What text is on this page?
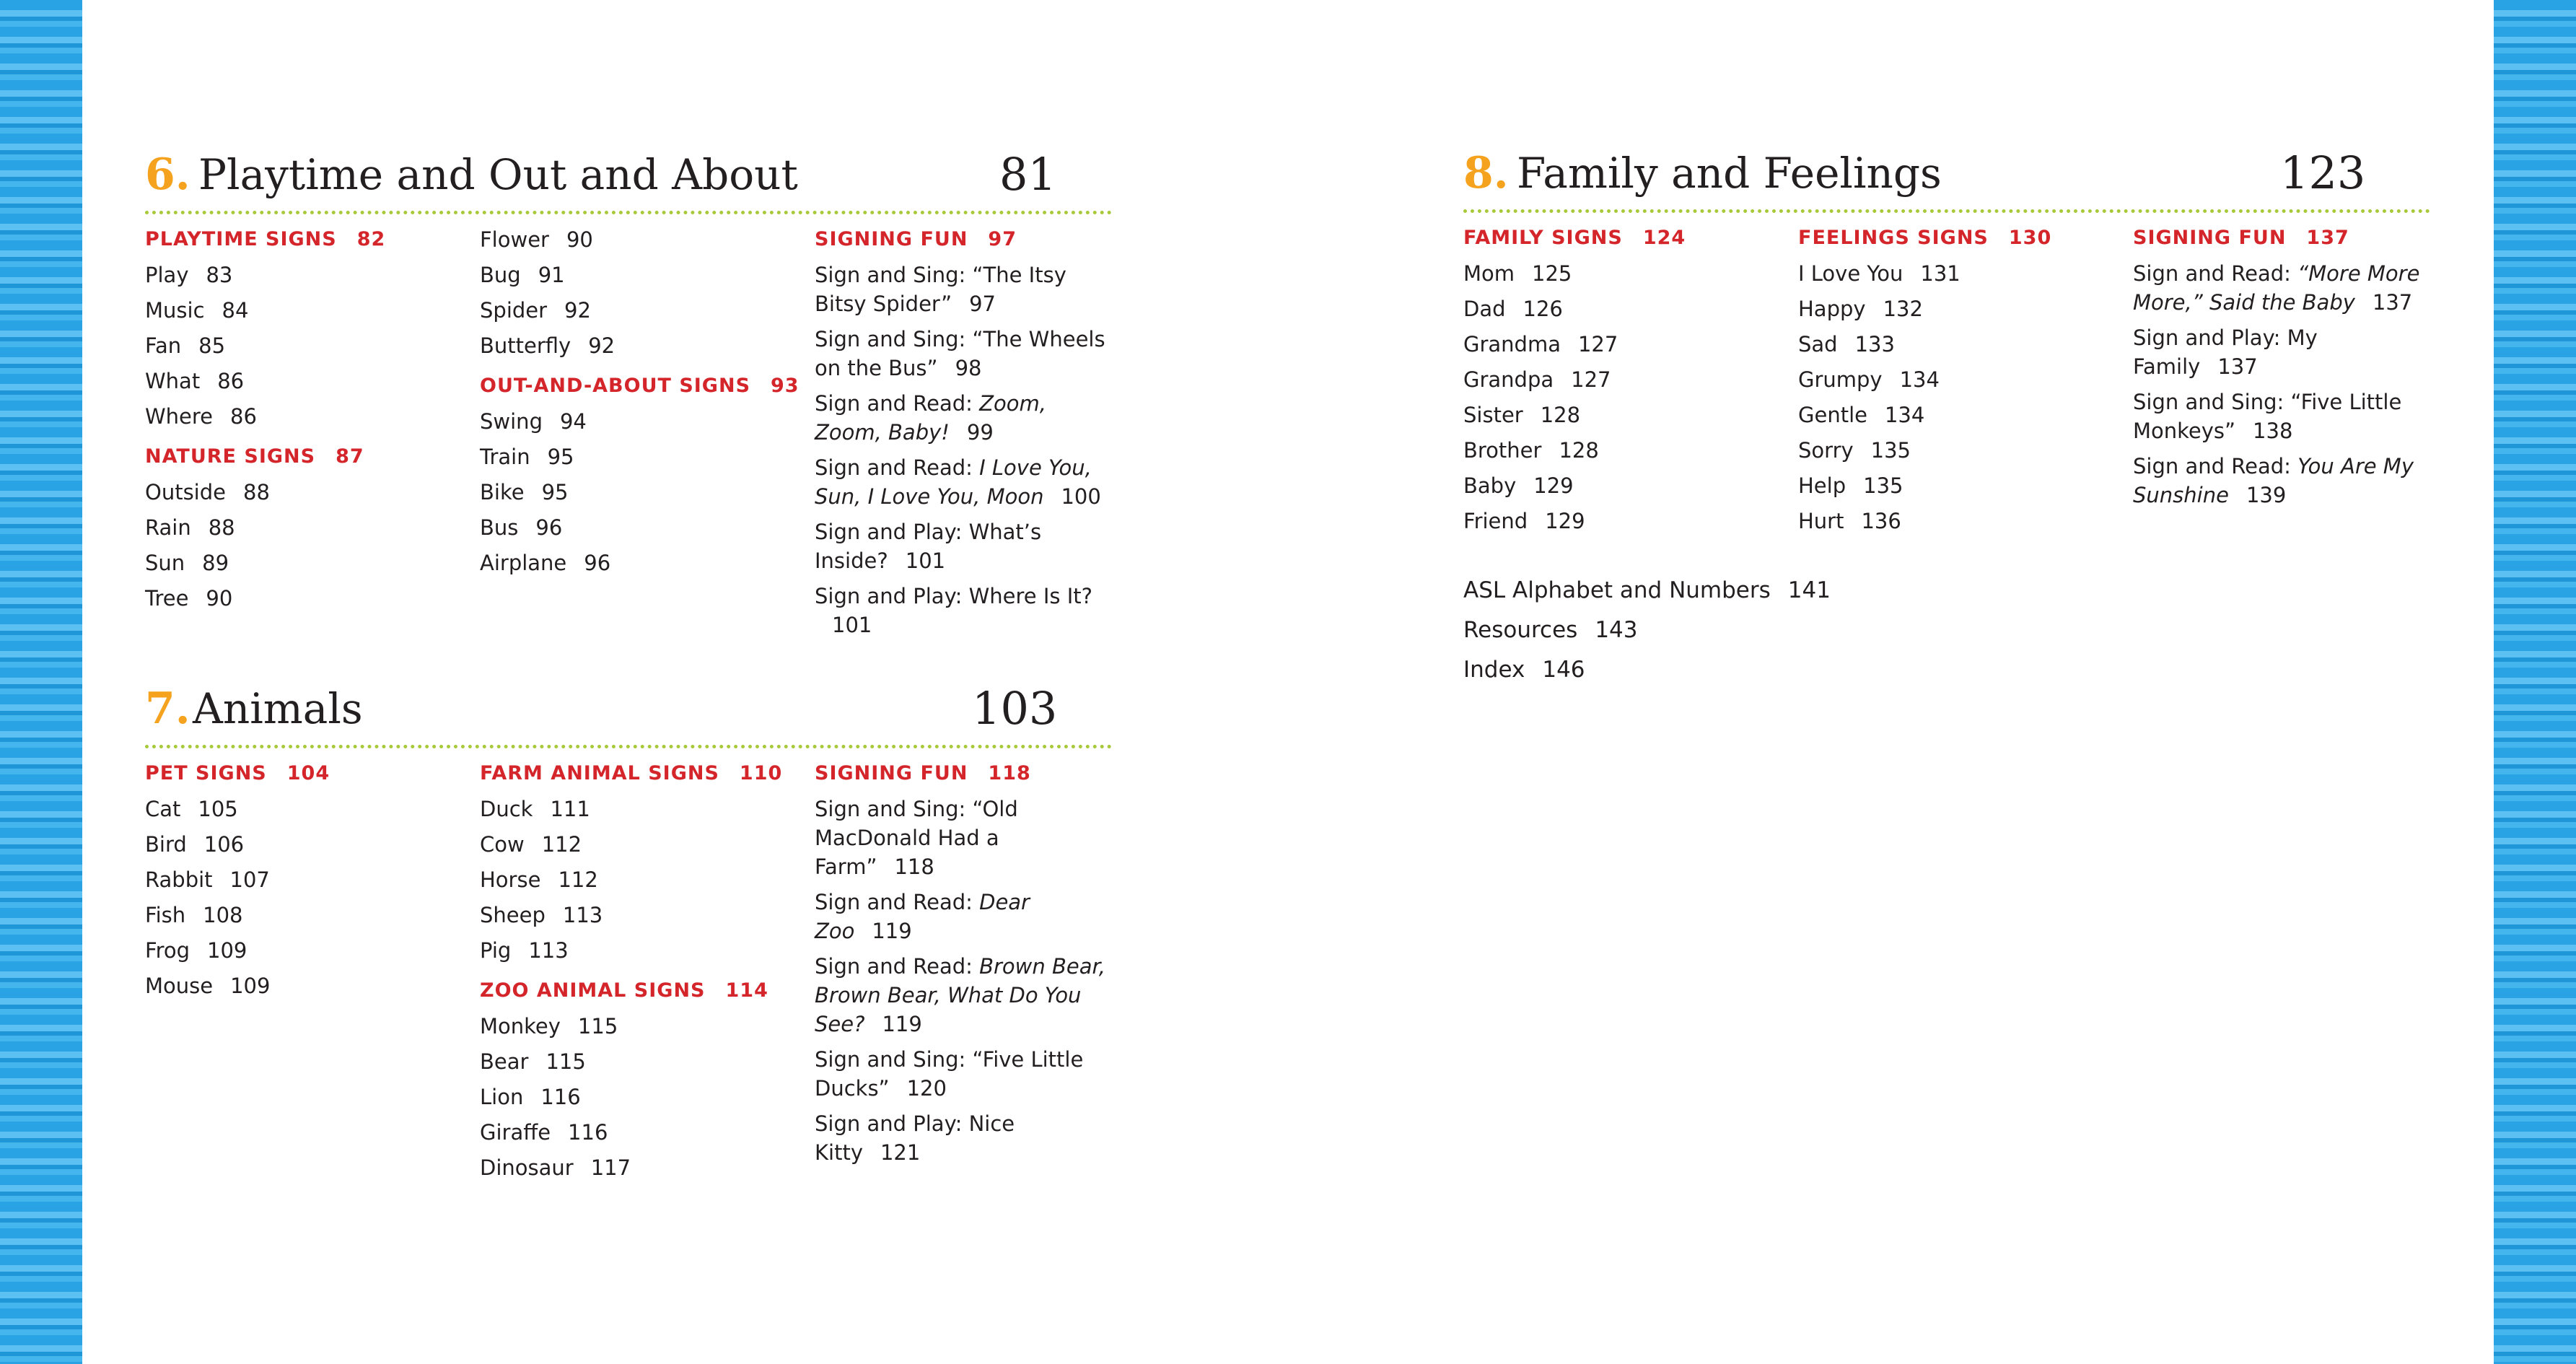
6. Playtime and Out and About	81
PLAYTIME SIGNS 82
Play 83
Music 84
Fan 85
What 86
Where 86
NATURE SIGNS 87
Outside 88
Rain 88
Sun 89
Tree 90
Flower 90
Bug 91
Spider 92
Butterfly 92
OUT-AND-ABOUT SIGNS 93
Swing 94
Train 95
Bike 95
Bus 96
Airplane 96
SIGNING FUN 97
Sign and Sing: “The Itsy Bitsy Spider” 97
Sign and Sing: “The Wheels on the Bus” 98
Sign and Read: Zoom, Zoom, Baby! 99
Sign and Read: I Love You, Sun, I Love You, Moon 100
Sign and Play: What’s Inside? 101
Sign and Play: Where Is It?101
7. Animals	103
PET SIGNS 104
Cat 105
Bird 106
Rabbit 107
Fish 108
Frog 109
Mouse 109
FARM ANIMAL SIGNS 110
Duck 111
Cow 112
Horse 112
Sheep 113
Pig 113
ZOO ANIMAL SIGNS 114
Monkey 115
Bear 115
Lion 116
Giraffe 116
Dinosaur 117
SIGNING FUN 118
Sign and Sing: “Old MacDonald Had a Farm” 118
Sign and Read: Dear Zoo 119
Sign and Read: Brown Bear, Brown Bear, What Do You See? 119
Sign and Sing: “Five Little Ducks” 120
Sign and Play: Nice Kitty 121
8. Family and Feelings	123
FAMILY SIGNS 124
Mom 125
Dad 126
Grandma 127
Grandpa 127
Sister 128
Brother 128
Baby 129
Friend 129
FEELINGS SIGNS 130
I Love You 131
Happy 132
Sad 133
Grumpy 134
Gentle 134
Sorry 135
Help 135
Hurt 136
SIGNING FUN 137
Sign and Read: “More More More,” Said the Baby 137
Sign and Play: My Family 137
Sign and Sing: “Five Little Monkeys” 138
Sign and Read: You Are My Sunshine 139
ASL Alphabet and Numbers 141
Resources 143
Index 146
